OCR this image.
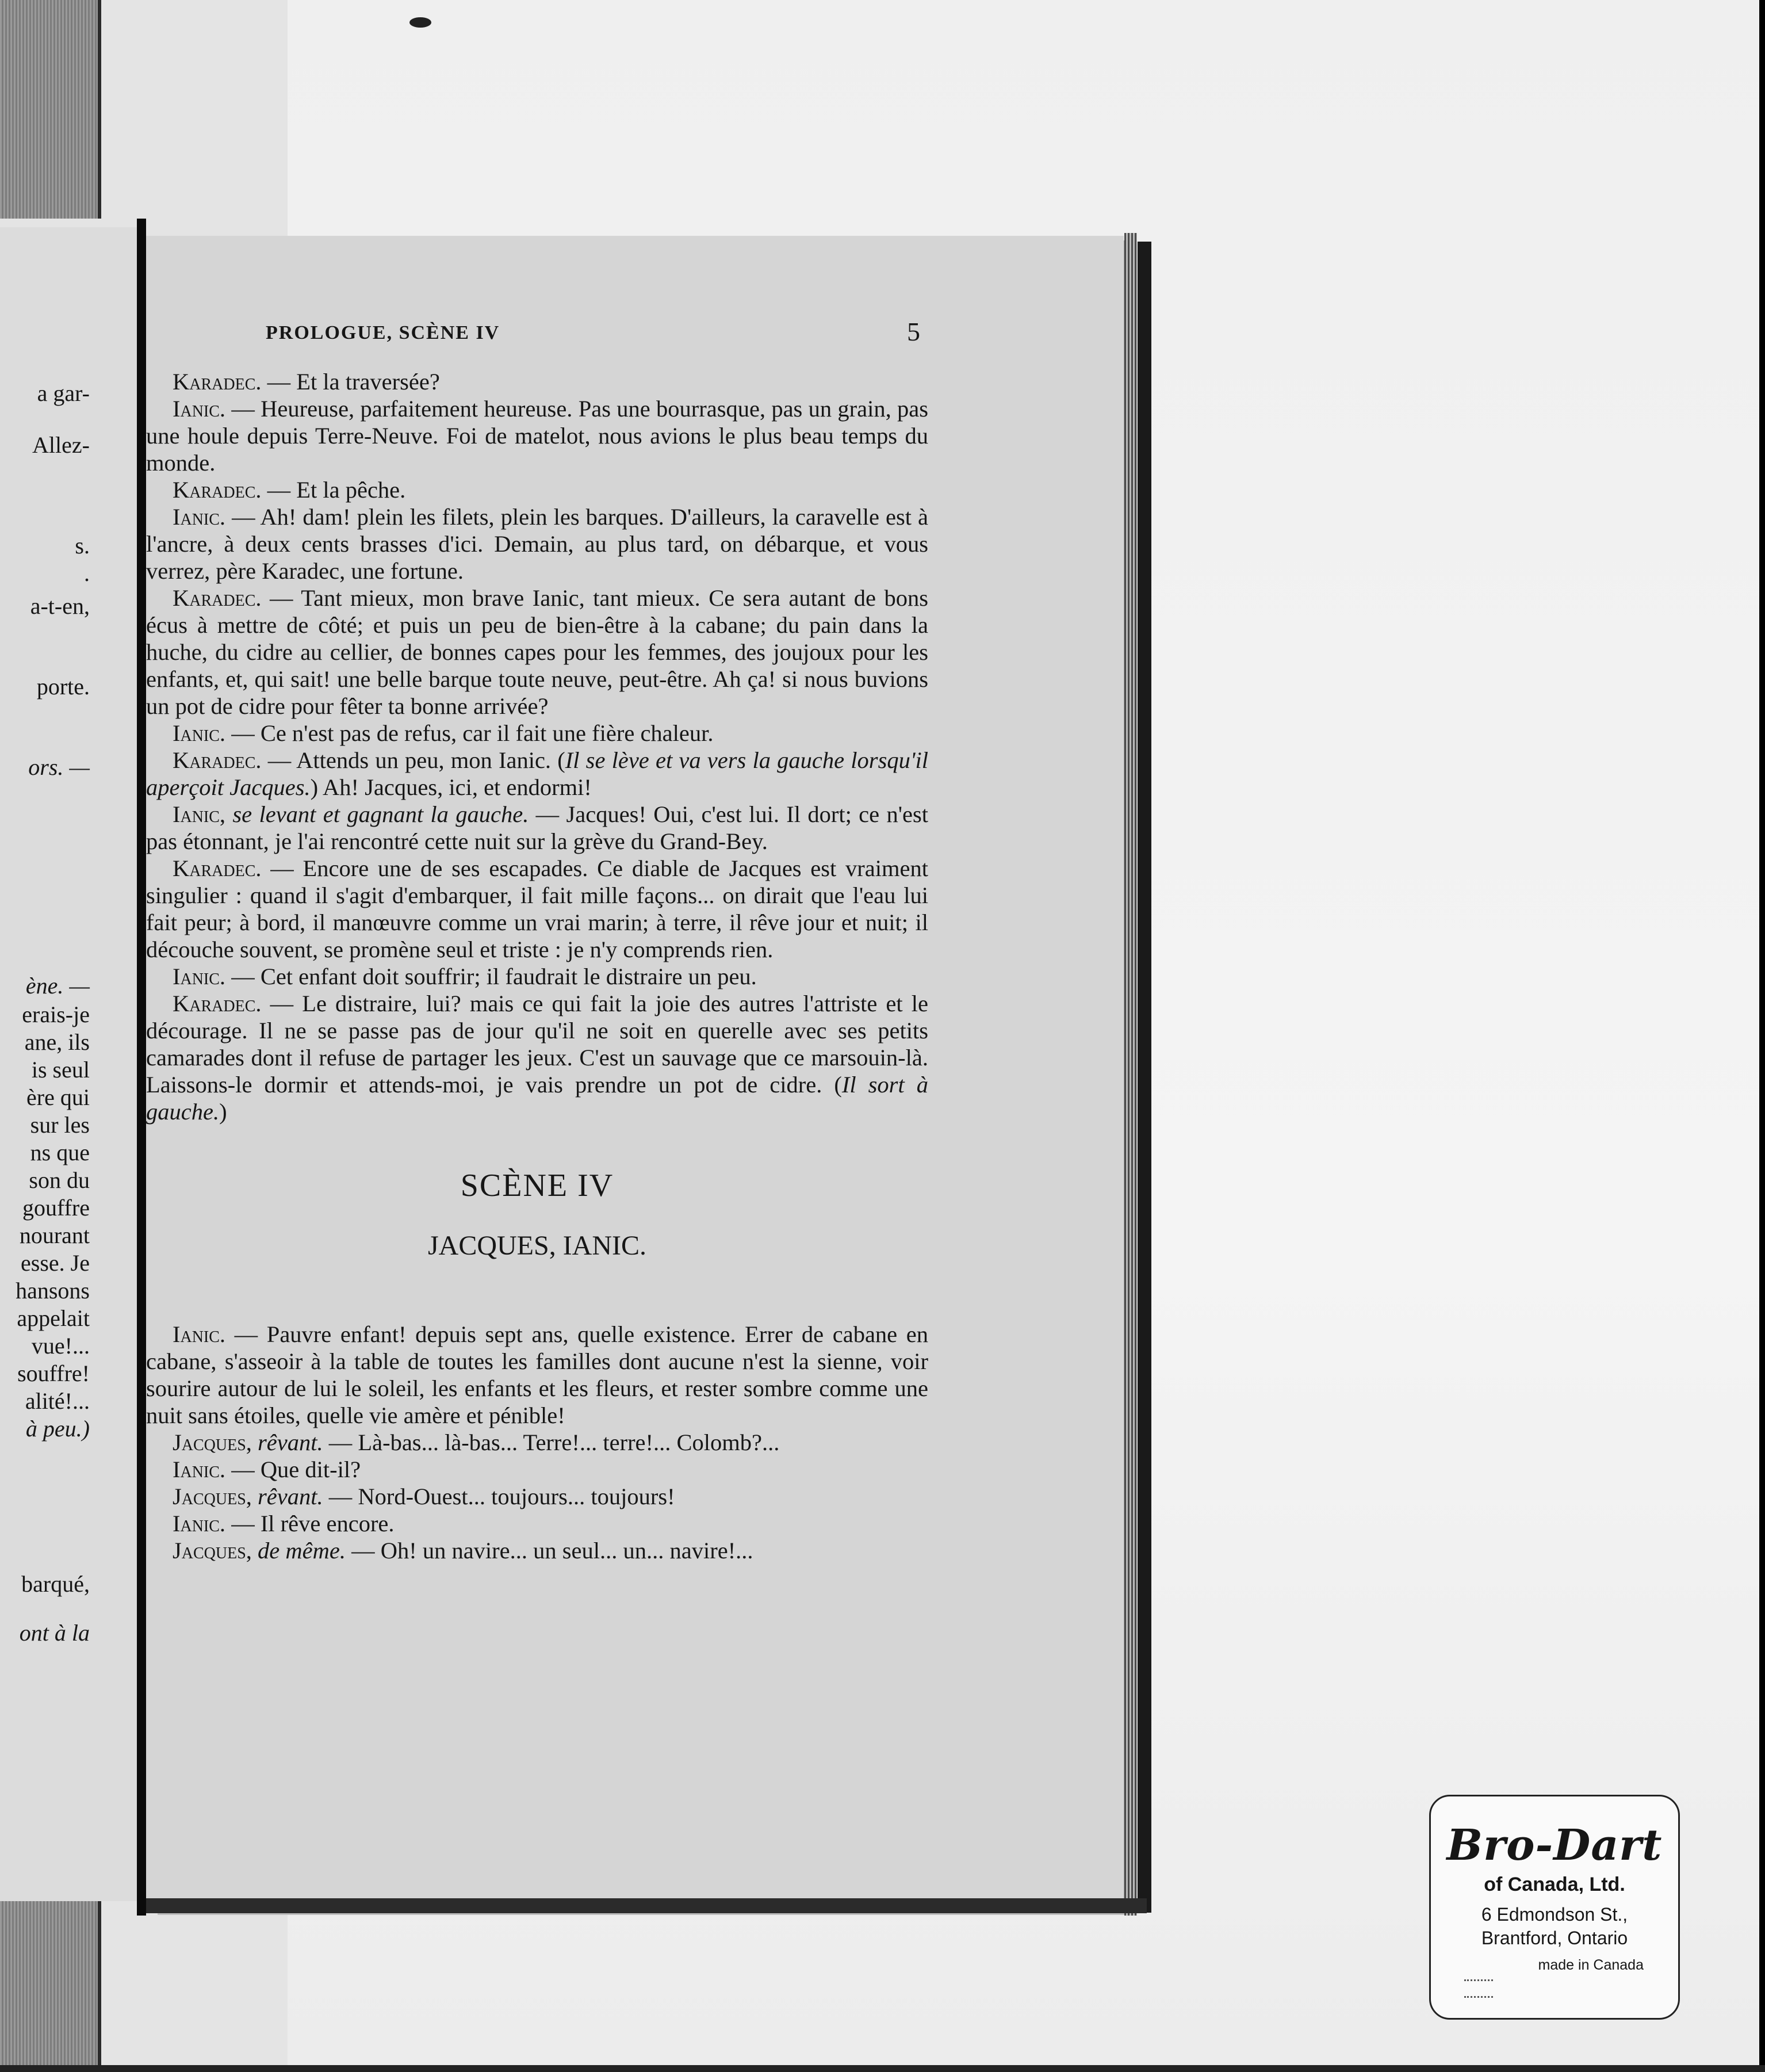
a gar-
Allez-
s.
.
a-t-en,
porte.
ors. —
ène. —
erais-je
ane, ils
is seul
ère qui
sur les
ns que
son du
gouffre
nourant
esse. Je
hansons
appelait
vue!...
souffre!
alité!...
à peu.)
barqué,
ont à la
PROLOGUE, SCÈNE IV	5

Karadec. — Et la traversée?

Ianic. — Heureuse, parfaitement heureuse. Pas une bourrasque, pas un grain, pas une houle depuis Terre-Neuve. Foi de matelot, nous avions le plus beau temps du monde.

Karadec. — Et la pêche.

Ianic. — Ah! dam! plein les filets, plein les barques. D'ailleurs, la caravelle est à l'ancre, à deux cents brasses d'ici. Demain, au plus tard, on débarque, et vous verrez, père Karadec, une fortune.

Karadec. — Tant mieux, mon brave Ianic, tant mieux. Ce sera autant de bons écus à mettre de côté; et puis un peu de bien-être à la cabane; du pain dans la huche, du cidre au cellier, de bonnes capes pour les femmes, des joujoux pour les enfants, et, qui sait! une belle barque toute neuve, peut-être. Ah ça! si nous buvions un pot de cidre pour fêter ta bonne arrivée?

Ianic. — Ce n'est pas de refus, car il fait une fière chaleur.

Karadec. — Attends un peu, mon Ianic. (Il se lève et va vers la gauche lorsqu'il aperçoit Jacques.) Ah! Jacques, ici, et endormi!

Ianic, se levant et gagnant la gauche. — Jacques! Oui, c'est lui. Il dort; ce n'est pas étonnant, je l'ai rencontré cette nuit sur la grève du Grand-Bey.

Karadec. — Encore une de ses escapades. Ce diable de Jacques est vraiment singulier : quand il s'agit d'embarquer, il fait mille façons... on dirait que l'eau lui fait peur; à bord, il manœuvre comme un vrai marin; à terre, il rêve jour et nuit; il découche souvent, se promène seul et triste : je n'y comprends rien.

Ianic. — Cet enfant doit souffrir; il faudrait le distraire un peu.

Karadec. — Le distraire, lui? mais ce qui fait la joie des autres l'attriste et le décourage. Il ne se passe pas de jour qu'il ne soit en querelle avec ses petits camarades dont il refuse de partager les jeux. C'est un sauvage que ce marsouin-là. Laissons-le dormir et attends-moi, je vais prendre un pot de cidre. (Il sort à gauche.)

SCÈNE IV

JACQUES, IANIC.

Ianic. — Pauvre enfant! depuis sept ans, quelle existence. Errer de cabane en cabane, s'asseoir à la table de toutes les familles dont aucune n'est la sienne, voir sourire autour de lui le soleil, les enfants et les fleurs, et rester sombre comme une nuit sans étoiles, quelle vie amère et pénible!

Jacques, rêvant. — Là-bas... là-bas... Terre!... terre!... Colomb?...

Ianic. — Que dit-il?

Jacques, rêvant. — Nord-Ouest... toujours... toujours!

Ianic. — Il rêve encore.

Jacques, de même. — Oh! un navire... un seul... un... navire!...

Bro-Dart
of Canada, Ltd.
6 Edmondson St.,
Brantford, Ontario
made in Canada
